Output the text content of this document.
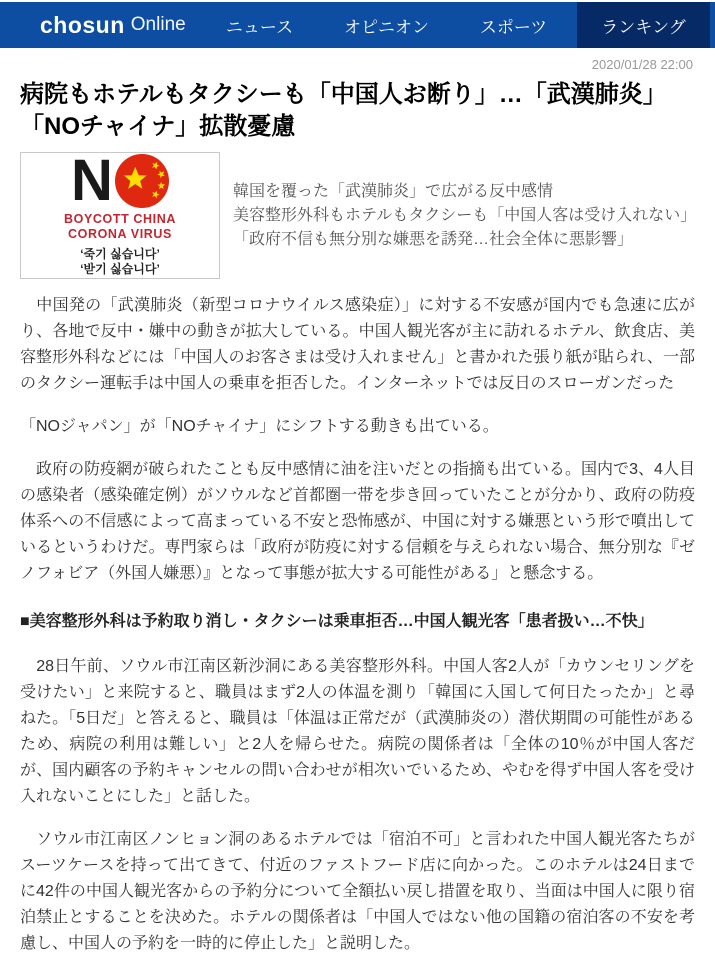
chosun Online	ニュース	オピニオン	スポーツ	ランキング
2020/01/28 22:00
病院もホテルもタクシーも「中国人お断り」…「武漢肺炎」「NOチャイナ」拡散憂慮
N
BOYCOTT CHINA
CORONA VIRUS
‘죽기 싫습니다’
‘받기 싫습니다’
韓国を覆った「武漢肺炎」で広がる反中感情
美容整形外科もホテルもタクシーも「中国人客は受け入れない」
「政府不信も無分別な嫌悪を誘発…社会全体に悪影響」

　中国発の「武漢肺炎（新型コロナウイルス感染症）」に対する不安感が国内でも急速に広がり、各地で反中・嫌中の動きが拡大している。中国人観光客が主に訪れるホテル、飲食店、美容整形外科などには「中国人のお客さまは受け入れません」と書かれた張り紙が貼られ、一部のタクシー運転手は中国人の乗車を拒否した。インターネットでは反日のスローガンだった

「NOジャパン」が「NOチャイナ」にシフトする動きも出ている。

　政府の防疫網が破られたことも反中感情に油を注いだとの指摘も出ている。国内で3、4人目の感染者（感染確定例）がソウルなど首都圏一帯を歩き回っていたことが分かり、政府の防疫体系への不信感によって高まっている不安と恐怖感が、中国に対する嫌悪という形で噴出しているというわけだ。専門家らは「政府が防疫に対する信頼を与えられない場合、無分別な『ゼノフォビア（外国人嫌悪）』となって事態が拡大する可能性がある」と懸念する。

■美容整形外科は予約取り消し・タクシーは乗車拒否…中国人観光客「患者扱い…不快」

　28日午前、ソウル市江南区新沙洞にある美容整形外科。中国人客2人が「カウンセリングを受けたい」と来院すると、職員はまず2人の体温を測り「韓国に入国して何日たったか」と尋ねた。「5日だ」と答えると、職員は「体温は正常だが（武漢肺炎の）潜伏期間の可能性があるため、病院の利用は難しい」と2人を帰らせた。病院の関係者は「全体の10％が中国人客だが、国内顧客の予約キャンセルの問い合わせが相次いでいるため、やむを得ず中国人客を受け入れないことにした」と話した。

　ソウル市江南区ノンヒョン洞のあるホテルでは「宿泊不可」と言われた中国人観光客たちがスーツケースを持って出てきて、付近のファストフード店に向かった。このホテルは24日までに42件の中国人観光客からの予約分について全額払い戻し措置を取り、当面は中国人に限り宿泊禁止とすることを決めた。ホテルの関係者は「中国人ではない他の国籍の宿泊客の不安を考慮し、中国人の予約を一時的に停止した」と説明した。
